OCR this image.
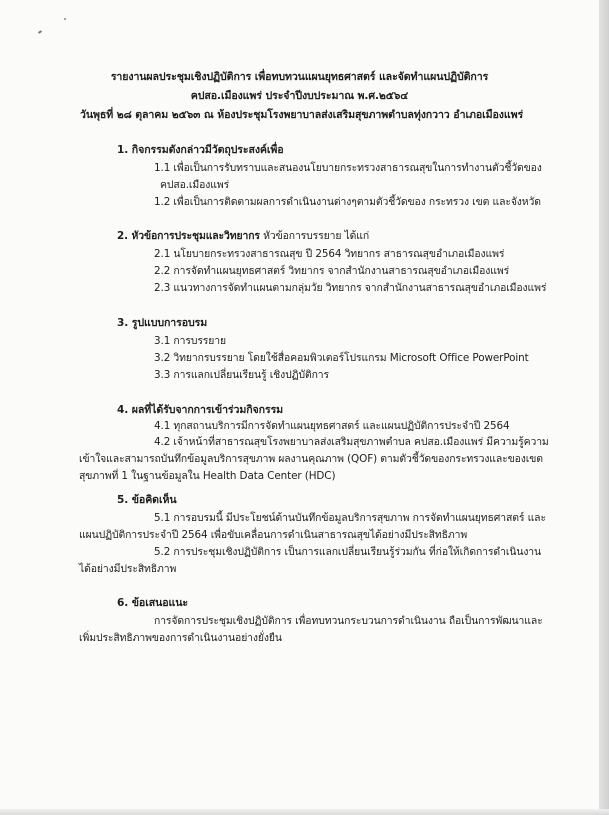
รายงานผลประชุมเชิงปฏิบัติการ เพื่อทบทวนแผนยุทธศาสตร์ และจัดทำแผนปฏิบัติการ
คปสอ.เมืองแพร่ ประจำปีงบประมาณ พ.ศ.๒๕๖๔
วันพุธที่ ๒๘ ตุลาคม ๒๕๖๓ ณ ห้องประชุมโรงพยาบาลส่งเสริมสุขภาพตำบลทุ่งกวาว อำเภอเมืองแพร่
1. กิจกรรมดังกล่าวมีวัตถุประสงค์เพื่อ
1.1 เพื่อเป็นการรับทราบและสนองนโยบายกระทรวงสาธารณสุขในการทำงานตัวชี้วัดของ
คปสอ.เมืองแพร่
1.2 เพื่อเป็นการติดตามผลการดำเนินงานต่างๆตามตัวชี้วัดของ กระทรวง เขต และจังหวัด
2. หัวข้อการประชุมและวิทยากร หัวข้อการบรรยาย ได้แก่
2.1 นโยบายกระทรวงสาธารณสุข ปี 2564 วิทยากร สาธารณสุขอำเภอเมืองแพร่
2.2 การจัดทำแผนยุทธศาสตร์ วิทยากร จากสำนักงานสาธารณสุขอำเภอเมืองแพร่
2.3 แนวทางการจัดทำแผนตามกลุ่มวัย วิทยากร จากสำนักงานสาธารณสุขอำเภอเมืองแพร่
3. รูปแบบการอบรม
3.1 การบรรยาย
3.2 วิทยากรบรรยาย โดยใช้สื่อคอมพิวเตอร์โปรแกรม Microsoft Office PowerPoint
3.3 การแลกเปลี่ยนเรียนรู้ เชิงปฏิบัติการ
4. ผลที่ได้รับจากการเข้าร่วมกิจกรรม
4.1 ทุกสถานบริการมีการจัดทำแผนยุทธศาสตร์ และแผนปฏิบัติการประจำปี 2564
4.2 เจ้าหน้าที่สาธารณสุขโรงพยาบาลส่งเสริมสุขภาพตำบล คปสอ.เมืองแพร่ มีความรู้ความ
เข้าใจและสามารถบันทึกข้อมูลบริการสุขภาพ ผลงานคุณภาพ (QOF) ตามตัวชี้วัดของกระทรวงและของเขต
สุขภาพที่ 1 ในฐานข้อมูลใน Health Data Center (HDC)
5. ข้อคิดเห็น
5.1 การอบรมนี้ มีประโยชน์ด้านบันทึกข้อมูลบริการสุขภาพ การจัดทำแผนยุทธศาสตร์ และ
แผนปฏิบัติการประจำปี 2564 เพื่อขับเคลื่อนการดำเนินสาธารณสุขได้อย่างมีประสิทธิภาพ
5.2 การประชุมเชิงปฏิบัติการ เป็นการแลกเปลี่ยนเรียนรู้ร่วมกัน ที่ก่อให้เกิดการดำเนินงาน
ได้อย่างมีประสิทธิภาพ
6. ข้อเสนอแนะ
การจัดการประชุมเชิงปฏิบัติการ เพื่อทบทวนกระบวนการดำเนินงาน ถือเป็นการพัฒนาและ
เพิ่มประสิทธิภาพของการดำเนินงานอย่างยั่งยืน
